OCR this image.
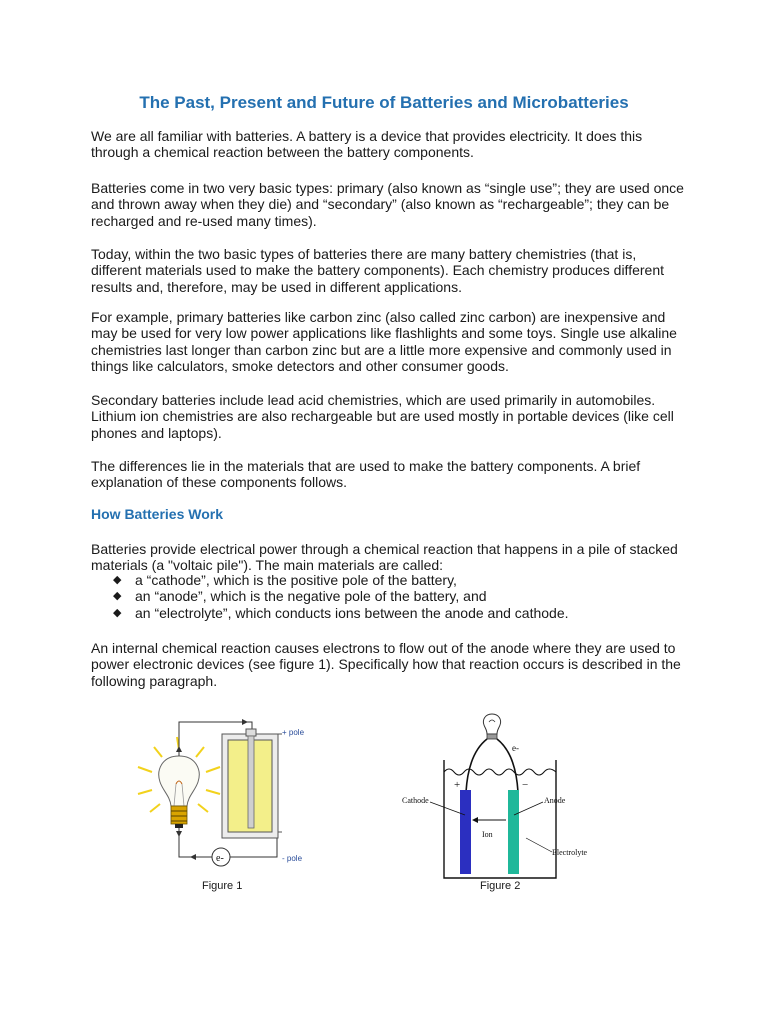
The Past, Present and Future of Batteries and Microbatteries

We are all familiar with batteries. A battery is a device that provides electricity. It does this
through a chemical reaction between the battery components.

Batteries come in two very basic types: primary (also known as “single use”; they are used once
and thrown away when they die) and “secondary” (also known as “rechargeable”; they can be
recharged and re-used many times).

Today, within the two basic types of batteries there are many battery chemistries (that is,
different materials used to make the battery components). Each chemistry produces different
results and, therefore, may be used in different applications.

For example, primary batteries like carbon zinc (also called zinc carbon) are inexpensive and
may be used for very low power applications like flashlights and some toys. Single use alkaline
chemistries last longer than carbon zinc but are a little more expensive and commonly used in
things like calculators, smoke detectors and other consumer goods.

Secondary batteries include lead acid chemistries, which are used primarily in automobiles.
Lithium ion chemistries are also rechargeable but are used mostly in portable devices (like cell
phones and laptops).

The differences lie in the materials that are used to make the battery components. A brief
explanation of these components follows.

How Batteries Work

Batteries provide electrical power through a chemical reaction that happens in a pile of stacked
materials (a "voltaic pile"). The main materials are called:

◆ a “cathode”, which is the positive pole of the battery,
◆ an “anode”, which is the negative pole of the battery, and
◆ an “electrolyte”, which conducts ions between the anode and cathode.

An internal chemical reaction causes electrons to flow out of the anode where they are used to
power electronic devices (see figure 1). Specifically how that reaction occurs is described in the
following paragraph.

e-
+ pole
- pole
Figure 1
e-
+	−
Cathode	Anode
Ion
Electrolyte
Figure 2
